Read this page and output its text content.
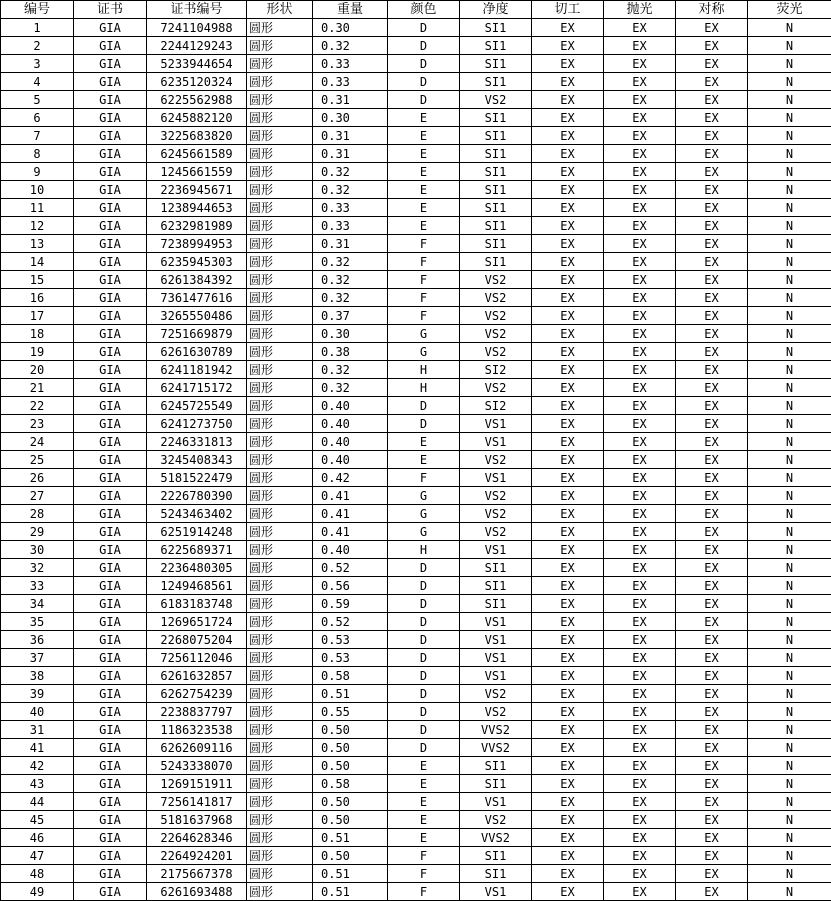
编号	证书	证书编号	形状	重量	颜色	净度	切工	抛光	对称	荧光
1	GIA	7241104988	圆形	0.30	D	SI1	EX	EX	EX	N
2	GIA	2244129243	圆形	0.32	D	SI1	EX	EX	EX	N
3	GIA	5233944654	圆形	0.33	D	SI1	EX	EX	EX	N
4	GIA	6235120324	圆形	0.33	D	SI1	EX	EX	EX	N
5	GIA	6225562988	圆形	0.31	D	VS2	EX	EX	EX	N
6	GIA	6245882120	圆形	0.30	E	SI1	EX	EX	EX	N
7	GIA	3225683820	圆形	0.31	E	SI1	EX	EX	EX	N
8	GIA	6245661589	圆形	0.31	E	SI1	EX	EX	EX	N
9	GIA	1245661559	圆形	0.32	E	SI1	EX	EX	EX	N
10	GIA	2236945671	圆形	0.32	E	SI1	EX	EX	EX	N
11	GIA	1238944653	圆形	0.33	E	SI1	EX	EX	EX	N
12	GIA	6232981989	圆形	0.33	E	SI1	EX	EX	EX	N
13	GIA	7238994953	圆形	0.31	F	SI1	EX	EX	EX	N
14	GIA	6235945303	圆形	0.32	F	SI1	EX	EX	EX	N
15	GIA	6261384392	圆形	0.32	F	VS2	EX	EX	EX	N
16	GIA	7361477616	圆形	0.32	F	VS2	EX	EX	EX	N
17	GIA	3265550486	圆形	0.37	F	VS2	EX	EX	EX	N
18	GIA	7251669879	圆形	0.30	G	VS2	EX	EX	EX	N
19	GIA	6261630789	圆形	0.38	G	VS2	EX	EX	EX	N
20	GIA	6241181942	圆形	0.32	H	SI2	EX	EX	EX	N
21	GIA	6241715172	圆形	0.32	H	VS2	EX	EX	EX	N
22	GIA	6245725549	圆形	0.40	D	SI2	EX	EX	EX	N
23	GIA	6241273750	圆形	0.40	D	VS1	EX	EX	EX	N
24	GIA	2246331813	圆形	0.40	E	VS1	EX	EX	EX	N
25	GIA	3245408343	圆形	0.40	E	VS2	EX	EX	EX	N
26	GIA	5181522479	圆形	0.42	F	VS1	EX	EX	EX	N
27	GIA	2226780390	圆形	0.41	G	VS2	EX	EX	EX	N
28	GIA	5243463402	圆形	0.41	G	VS2	EX	EX	EX	N
29	GIA	6251914248	圆形	0.41	G	VS2	EX	EX	EX	N
30	GIA	6225689371	圆形	0.40	H	VS1	EX	EX	EX	N
32	GIA	2236480305	圆形	0.52	D	SI1	EX	EX	EX	N
33	GIA	1249468561	圆形	0.56	D	SI1	EX	EX	EX	N
34	GIA	6183183748	圆形	0.59	D	SI1	EX	EX	EX	N
35	GIA	1269651724	圆形	0.52	D	VS1	EX	EX	EX	N
36	GIA	2268075204	圆形	0.53	D	VS1	EX	EX	EX	N
37	GIA	7256112046	圆形	0.53	D	VS1	EX	EX	EX	N
38	GIA	6261632857	圆形	0.58	D	VS1	EX	EX	EX	N
39	GIA	6262754239	圆形	0.51	D	VS2	EX	EX	EX	N
40	GIA	2238837797	圆形	0.55	D	VS2	EX	EX	EX	N
31	GIA	1186323538	圆形	0.50	D	VVS2	EX	EX	EX	N
41	GIA	6262609116	圆形	0.50	D	VVS2	EX	EX	EX	N
42	GIA	5243338070	圆形	0.50	E	SI1	EX	EX	EX	N
43	GIA	1269151911	圆形	0.58	E	SI1	EX	EX	EX	N
44	GIA	7256141817	圆形	0.50	E	VS1	EX	EX	EX	N
45	GIA	5181637968	圆形	0.50	E	VS2	EX	EX	EX	N
46	GIA	2264628346	圆形	0.51	E	VVS2	EX	EX	EX	N
47	GIA	2264924201	圆形	0.50	F	SI1	EX	EX	EX	N
48	GIA	2175667378	圆形	0.51	F	SI1	EX	EX	EX	N
49	GIA	6261693488	圆形	0.51	F	VS1	EX	EX	EX	N
